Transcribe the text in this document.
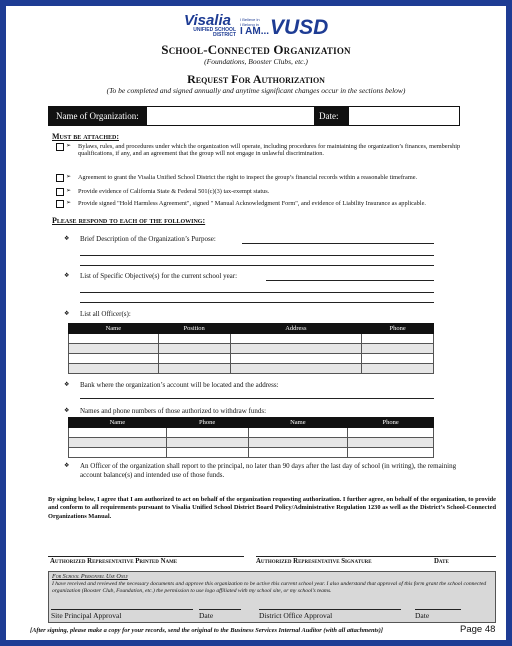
Visalia
UNIFIED SCHOOL
DISTRICT
I Believe in
I Belong in
I AM... VUSD
School-Connected Organization
(Foundations, Booster Clubs, etc.)
Request For Authorization
(To be completed and signed annually and anytime significant changes occur in the sections below)
Name of Organization:	Date:
Must be attached:
➢ Bylaws, rules, and procedures under which the organization will operate, including procedures for maintaining the organization’s finances, membership qualifications, if any, and an agreement that the group will not engage in unlawful discrimination.
➢ Agreement to grant the Visalia Unified School District the right to inspect the group’s financial records within a reasonable timeframe.
➢ Provide evidence of California State & Federal 501(c)(3) tax-exempt status.
➢ Provide signed "Hold Harmless Agreement", signed " Manual Acknowledgment Form", and evidence of Liability Insurance as applicable.
Please respond to each of the following:
❖ Brief Description of the Organization’s Purpose:
❖ List of Specific Objective(s) for the current school year:
❖ List all Officer(s):
Name	Position	Address	Phone

❖ Bank where the organization’s account will be located and the address:
❖ Names and phone numbers of those authorized to withdraw funds:
Name	Phone	Name	Phone

❖ An Officer of the organization shall report to the principal, no later than 90 days after the last day of school (in writing), the remaining account balance(s) and intended use of those funds.
By signing below, I agree that I am authorized to act on behalf of the organization requesting authorization. I further agree, on behalf of the organization, to provide and conform to all requirements pursuant to Visalia Unified School District Board Policy/Administrative Regulation 1230 as well as the District’s School-Connected Organizations Manual.
Authorized Representative Printed Name	Authorized Representative Signature	Date
For School Personnel Use Only
I have received and reviewed the necessary documents and approve this organization to be active this current school year. I also understand that approval of this form grant the school connected organization (Booster Club, Foundation, etc.) the permission to use logo affiliated with my school site, or my school’s teams.
Site Principal Approval	Date	District Office Approval	Date
[After signing, please make a copy for your records, send the original to the Business Services Internal Auditor (with all attachments)]	Page 48
